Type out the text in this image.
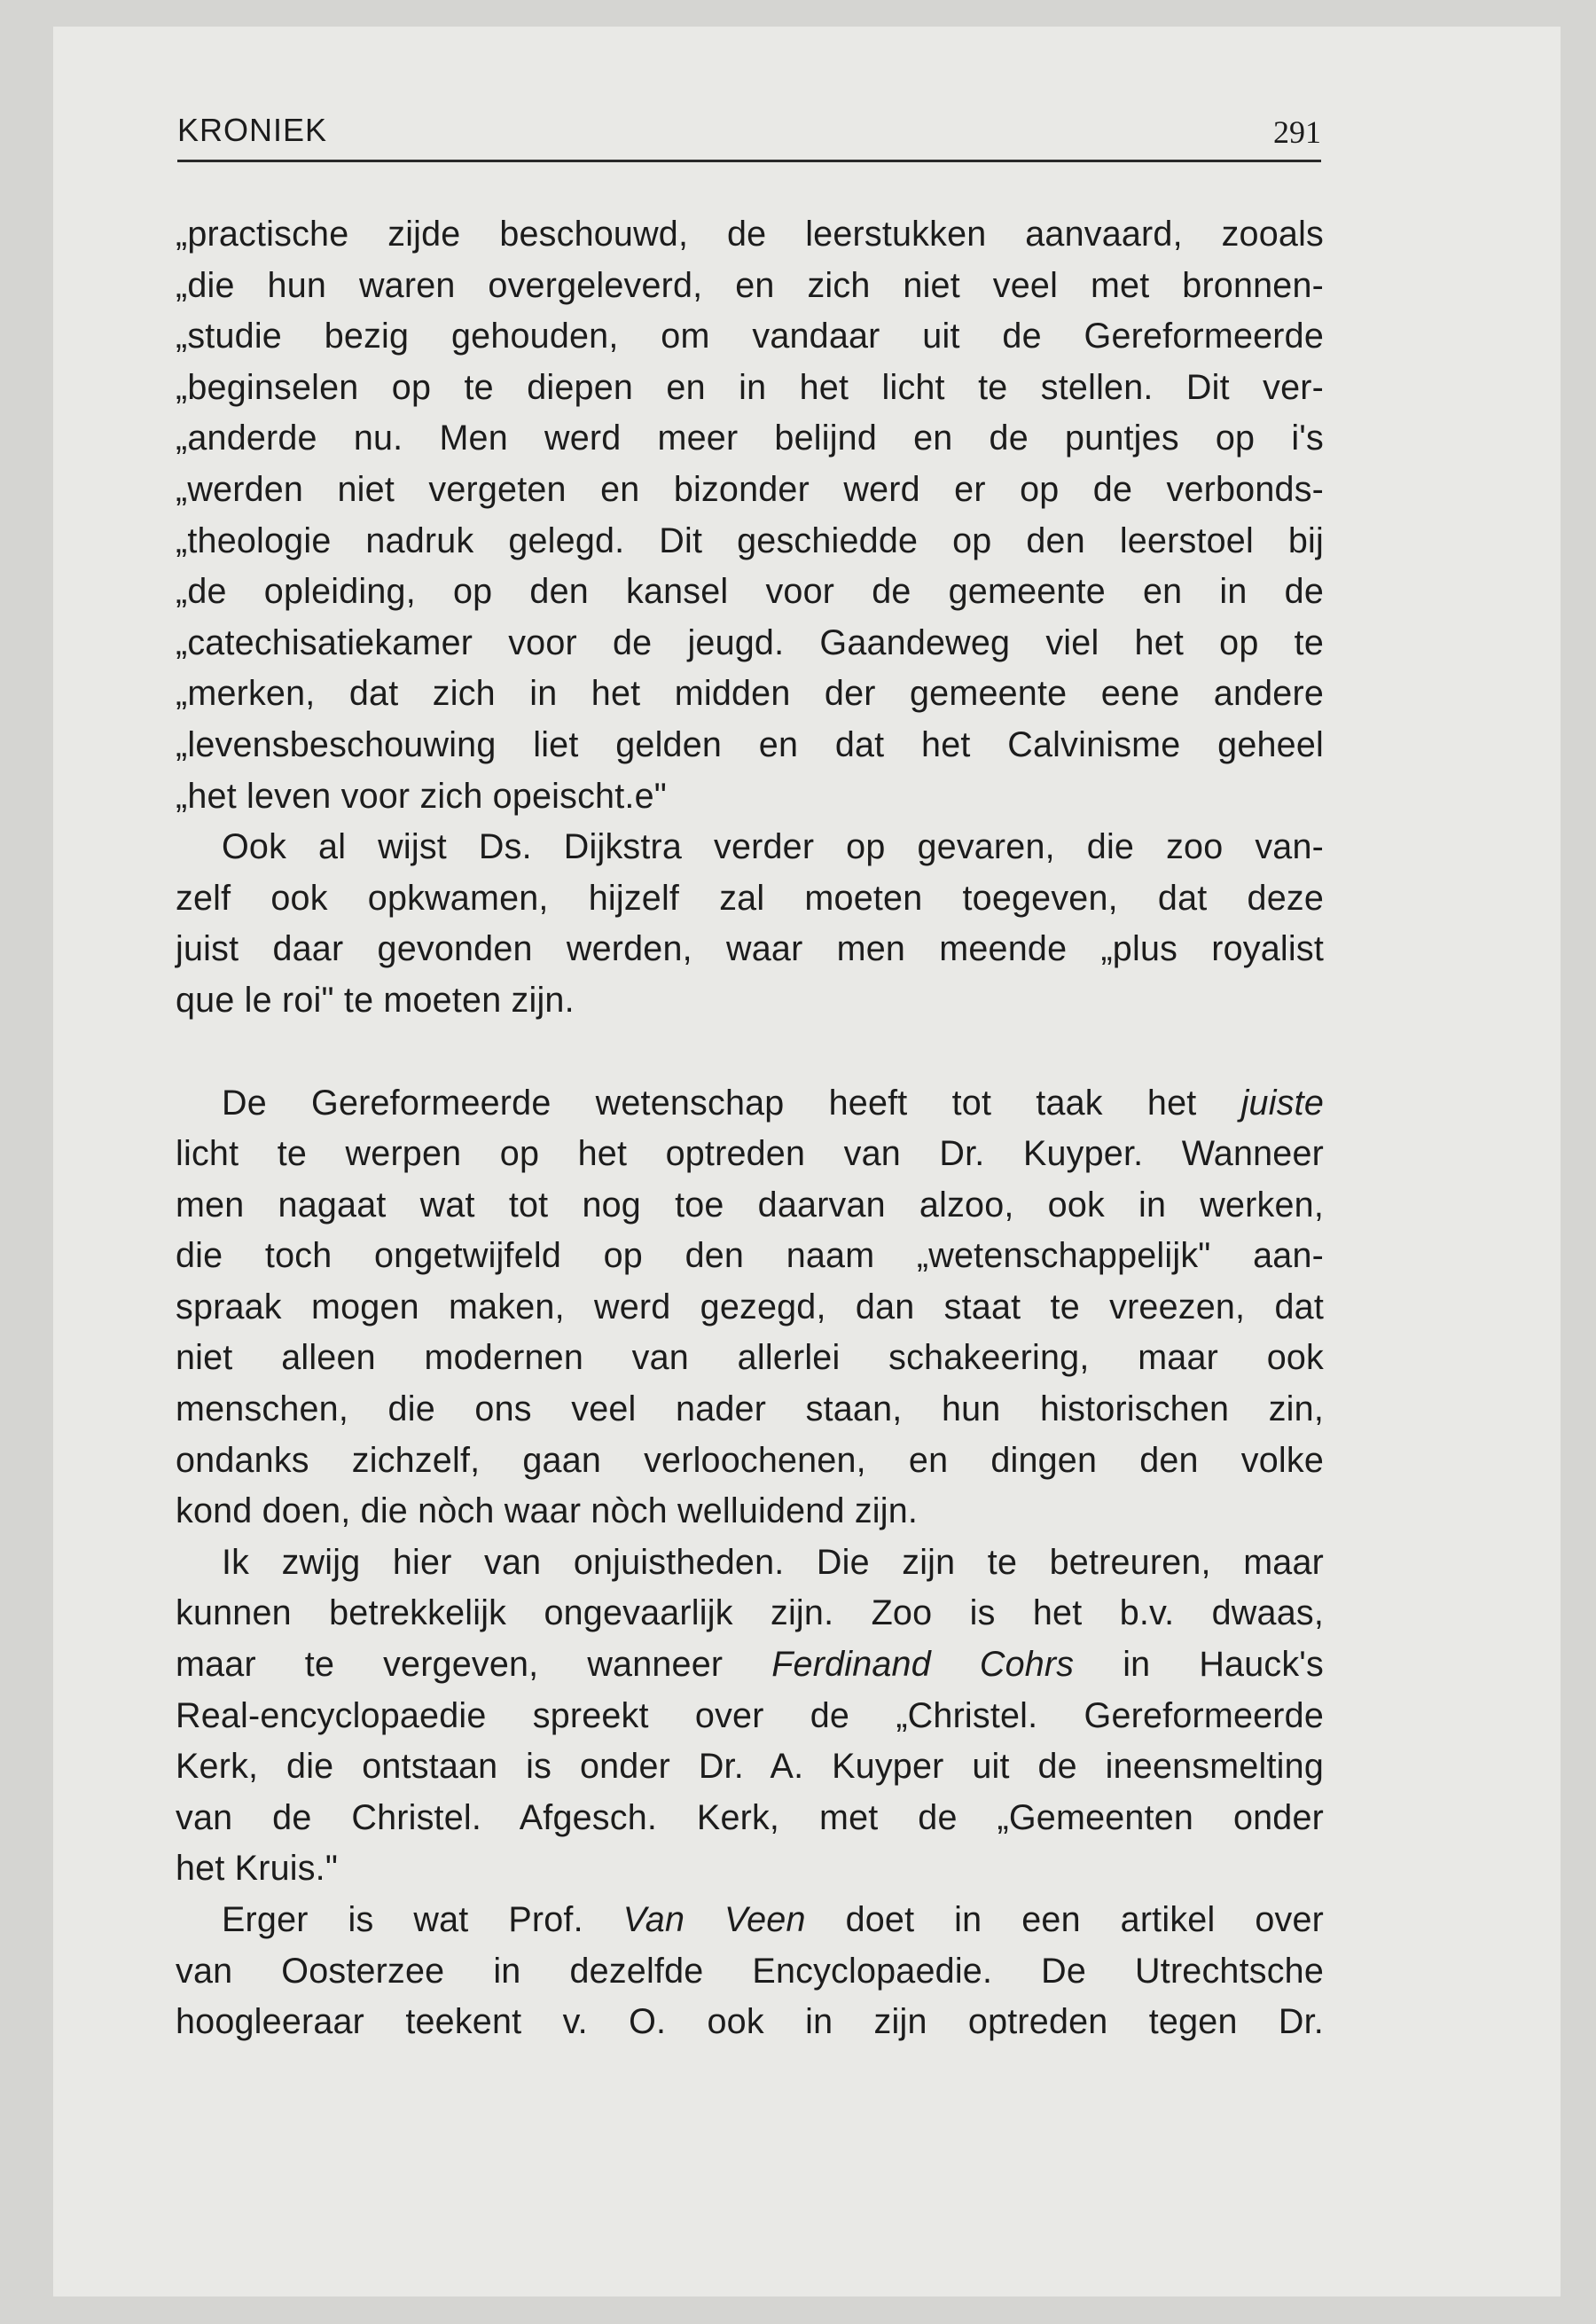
KRONIEK	291

„practische zijde beschouwd, de leerstukken aanvaard, zooals

„die hun waren overgeleverd, en zich niet veel met bronnen-

„studie bezig gehouden, om vandaar uit de Gereformeerde

„beginselen op te diepen en in het licht te stellen. Dit ver-

„anderde nu. Men werd meer belijnd en de puntjes op i's

„werden niet vergeten en bizonder werd er op de verbonds-

„theologie nadruk gelegd. Dit geschiedde op den leerstoel bij

„de opleiding, op den kansel voor de gemeente en in de

„catechisatiekamer voor de jeugd. Gaandeweg viel het op te

„merken, dat zich in het midden der gemeente eene andere

„levensbeschouwing liet gelden en dat het Calvinisme geheel

„het leven voor zich opeischt.e"

Ook al wijst Ds. Dijkstra verder op gevaren, die zoo van-

zelf ook opkwamen, hijzelf zal moeten toegeven, dat deze

juist daar gevonden werden, waar men meende „plus royalist

que le roi" te moeten zijn.

De Gereformeerde wetenschap heeft tot taak het juiste

licht te werpen op het optreden van Dr. Kuyper. Wanneer

men nagaat wat tot nog toe daarvan alzoo, ook in werken,

die toch ongetwijfeld op den naam „wetenschappelijk" aan-

spraak mogen maken, werd gezegd, dan staat te vreezen, dat

niet alleen modernen van allerlei schakeering, maar ook

menschen, die ons veel nader staan, hun historischen zin,

ondanks zichzelf, gaan verloochenen, en dingen den volke

kond doen, die nòch waar nòch welluidend zijn.

Ik zwijg hier van onjuistheden. Die zijn te betreuren, maar

kunnen betrekkelijk ongevaarlijk zijn. Zoo is het b.v. dwaas,

maar te vergeven, wanneer Ferdinand Cohrs in Hauck's

Real-encyclopaedie spreekt over de „Christel. Gereformeerde

Kerk, die ontstaan is onder Dr. A. Kuyper uit de ineensmelting

van de Christel. Afgesch. Kerk, met de „Gemeenten onder

het Kruis."

Erger is wat Prof. Van Veen doet in een artikel over

van Oosterzee in dezelfde Encyclopaedie. De Utrechtsche

hoogleeraar teekent v. O. ook in zijn optreden tegen Dr.
